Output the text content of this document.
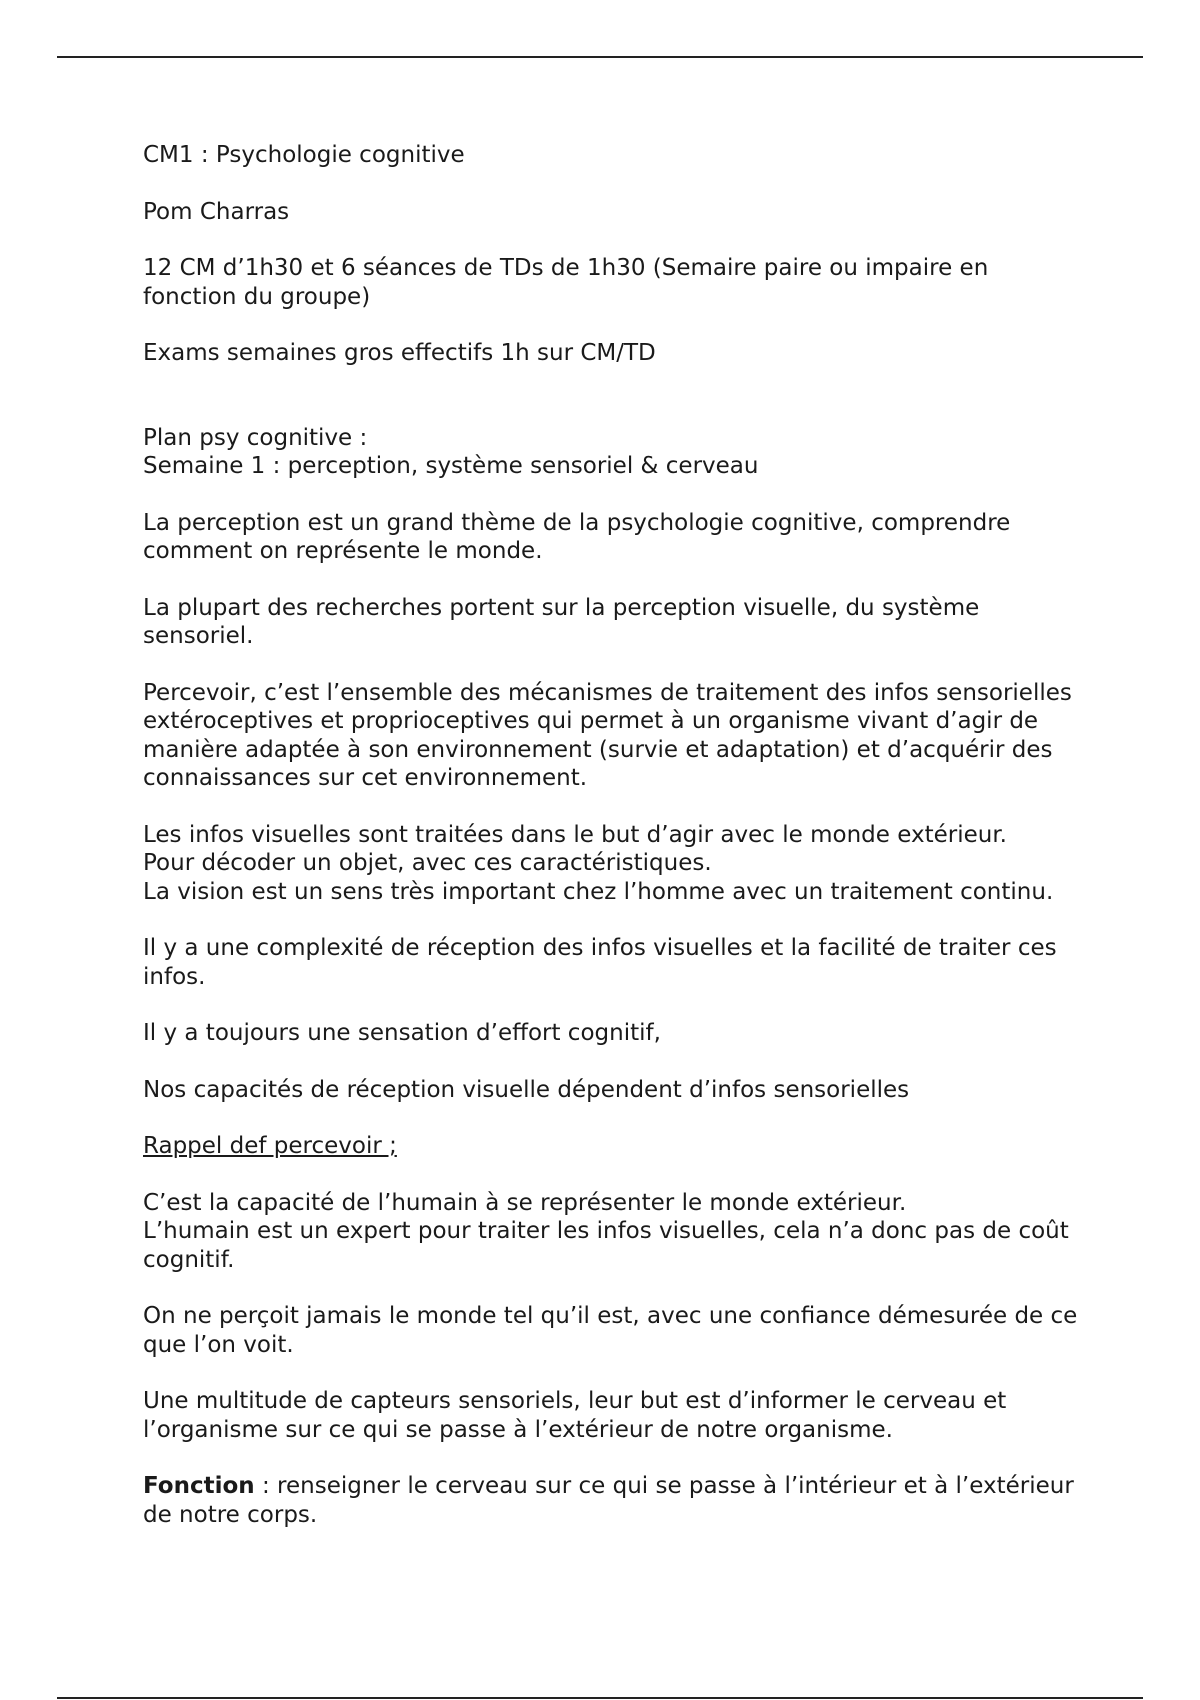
CM1 : Psychologie cognitive

Pom Charras

12 CM d’1h30 et 6 séances de TDs de 1h30 (Semaire paire ou impaire en fonction du groupe)

Exams semaines gros effectifs 1h sur CM/TD

Plan psy cognitive :

Semaine 1 : perception, système sensoriel & cerveau

La perception est un grand thème de la psychologie cognitive, comprendre comment on représente le monde.

La plupart des recherches portent sur la perception visuelle, du système sensoriel.

Percevoir, c’est l’ensemble des mécanismes de traitement des infos sensorielles extéroceptives et proprioceptives qui permet à un organisme vivant d’agir de manière adaptée à son environnement (survie et adaptation) et d’acquérir des connaissances sur cet environnement.

Les infos visuelles sont traitées dans le but d’agir avec le monde extérieur.
Pour décoder un objet, avec ces caractéristiques.
La vision est un sens très important chez l’homme avec un traitement continu.

Il y a une complexité de réception des infos visuelles et la facilité de traiter ces infos.

Il y a toujours une sensation d’effort cognitif,

Nos capacités de réception visuelle dépendent d’infos sensorielles

Rappel def percevoir ;

C’est la capacité de l’humain à se représenter le monde extérieur.
L’humain est un expert pour traiter les infos visuelles, cela n’a donc pas de coût cognitif.

On ne perçoit jamais le monde tel qu’il est, avec une confiance démesurée de ce que l’on voit.

Une multitude de capteurs sensoriels, leur but est d’informer le cerveau et l’organisme sur ce qui se passe à l’extérieur de notre organisme.

Fonction : renseigner le cerveau sur ce qui se passe à l’intérieur et à l’extérieur de notre corps.
